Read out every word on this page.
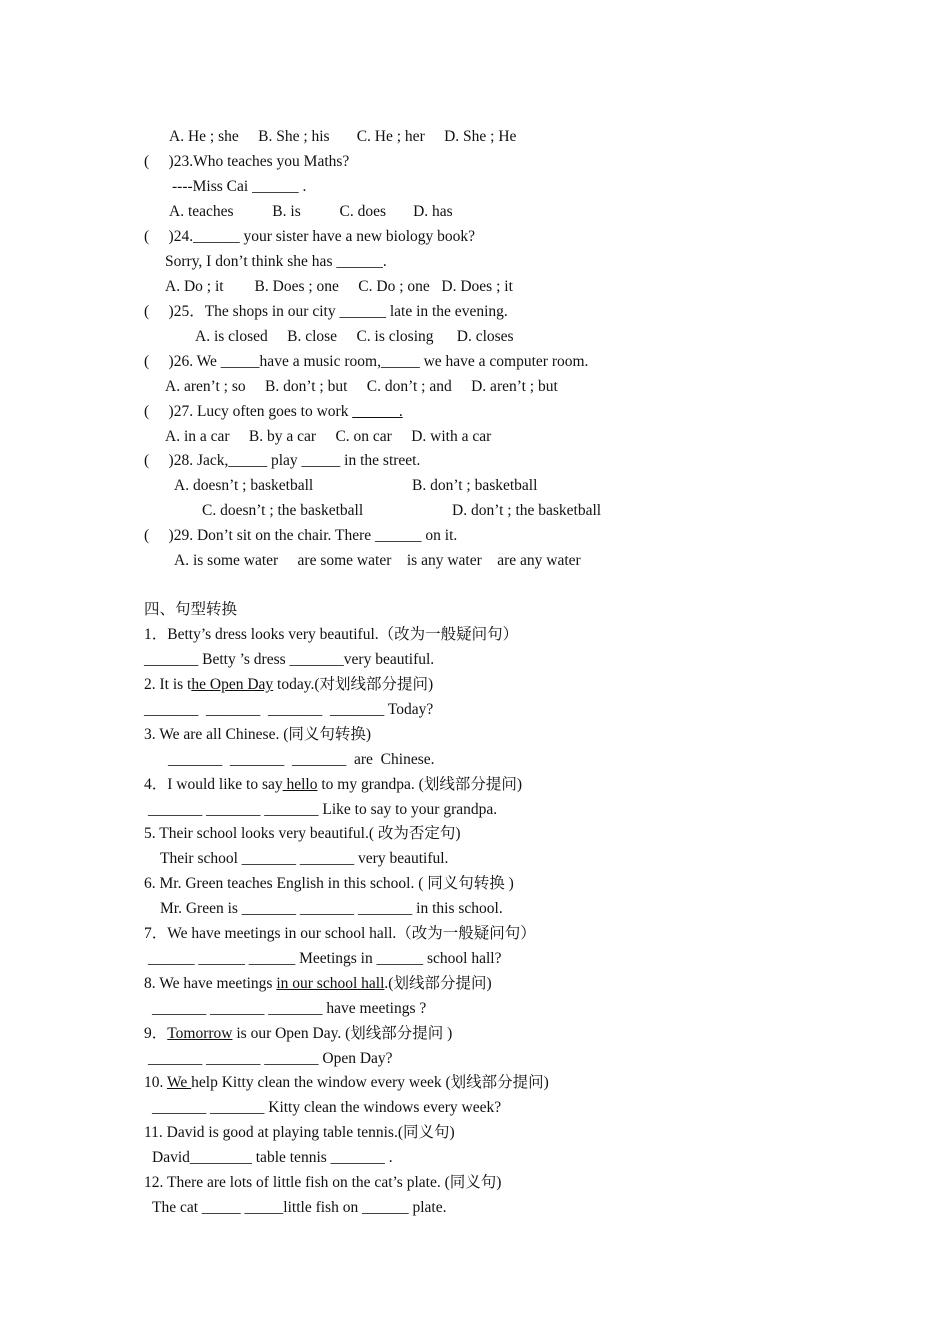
B. don’t ; basketball
D. don’t ; the basketball
A. He ; she     B. She ; his       C. He ; her     D. She ; He
(     )23.Who teaches you Maths?
----Miss Cai ______ .
A. teaches          B. is          C. does       D. has
(     )24.______ your sister have a new biology book?
Sorry, I don’t think she has ______.
A. Do ; it        B. Does ; one     C. Do ; one   D. Does ; it
(     )25．The shops in our city ______ late in the evening.
A. is closed     B. close     C. is closing      D. closes
(     )26. We _____have a music room,_____ we have a computer room.
A. aren’t ; so     B. don’t ; but     C. don’t ; and     D. aren’t ; but
(     )27. Lucy often goes to work ______.
A. in a car     B. by a car     C. on car     D. with a car
(     )28. Jack,_____ play _____ in the street.
A. doesn’t ; basketball
C. doesn’t ; the basketball
(     )29. Don’t sit on the chair. There ______ on it.
A. is some water     are some water    is any water    are any water
四、句型转换
1．Betty’s dress looks very beautiful.（改为一般疑问句）
_______ Betty ’s dress _______very beautiful.
2. It is the Open Day today.(对划线部分提问)
_______  _______  _______  _______ Today?
3. We are all Chinese. (同义句转换)
_______  _______  _______  are  Chinese.
4．I would like to say hello to my grandpa. (划线部分提问)
_______ _______ _______ Like to say to your grandpa.
5. Their school looks very beautiful.( 改为否定句)
Their school _______ _______ very beautiful.
6. Mr. Green teaches English in this school. ( 同义句转换 )
Mr. Green is _______ _______ _______ in this school.
7．We have meetings in our school hall.（改为一般疑问句）
______ ______ ______ Meetings in ______ school hall?
8. We have meetings in our school hall.(划线部分提问)
_______ _______ _______ have meetings ?
9．Tomorrow is our Open Day. (划线部分提问 )
_______ _______ _______ Open Day?
10. We help Kitty clean the window every week (划线部分提问)
_______ _______ Kitty clean the windows every week?
11. David is good at playing table tennis.(同义句)
David________ table tennis _______ .
12. There are lots of little fish on the cat’s plate. (同义句)
The cat _____ _____little fish on ______ plate.
